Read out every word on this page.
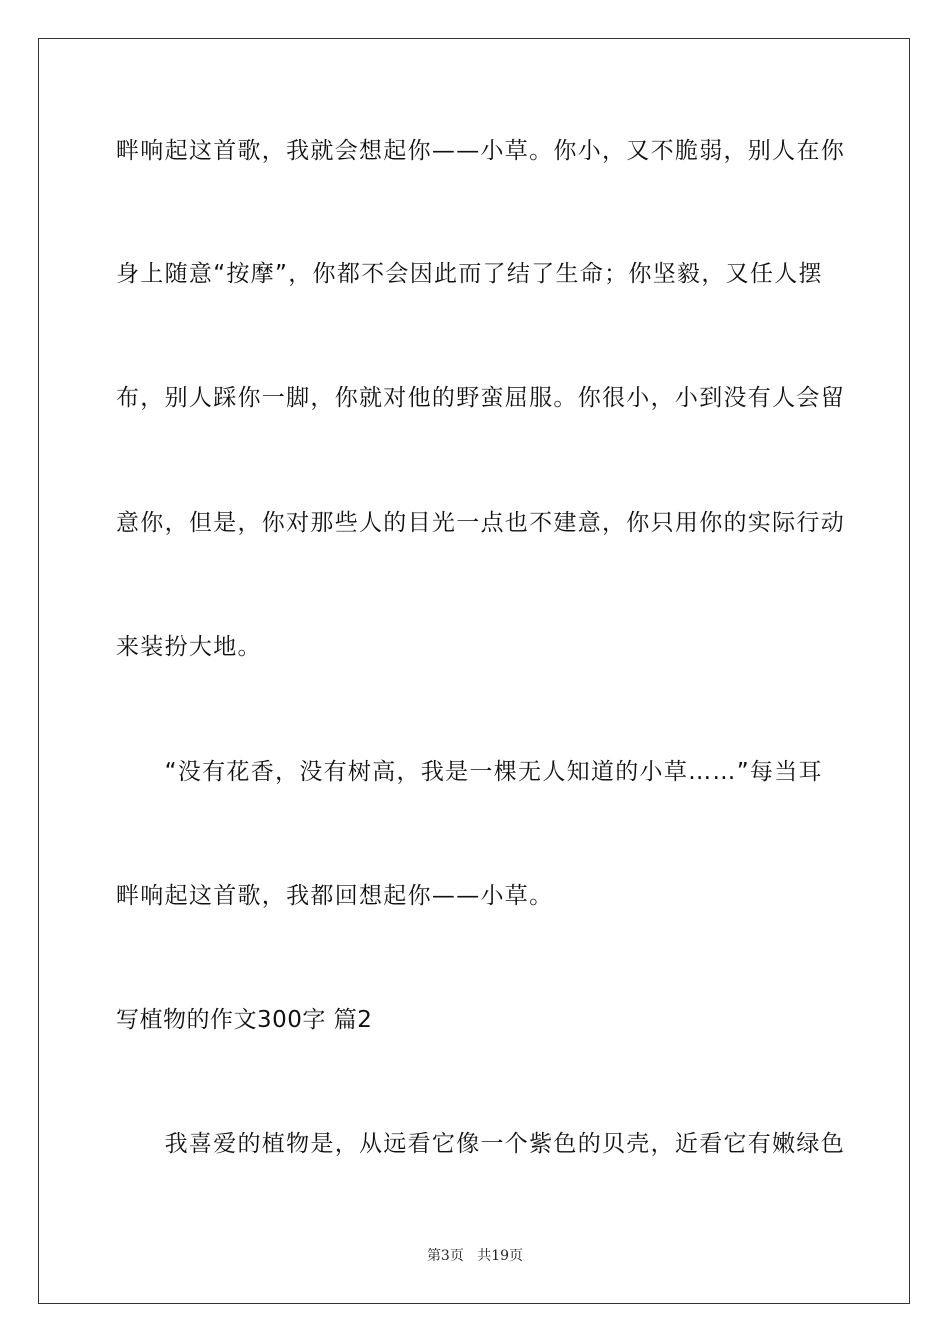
畔响起这首歌，我就会想起你——小草。你小，又不脆弱，别人在你
身上随意“按摩”，你都不会因此而了结了生命；你坚毅，又任人摆
布，别人踩你一脚，你就对他的野蛮屈服。你很小，小到没有人会留
意你，但是，你对那些人的目光一点也不建意，你只用你的实际行动
来装扮大地。
　　“没有花香，没有树高，我是一棵无人知道的小草……”每当耳
畔响起这首歌，我都回想起你——小草。
写植物的作文300字 篇2
　　我喜爱的植物是，从远看它像一个紫色的贝壳，近看它有嫩绿色
第3页 共19页
